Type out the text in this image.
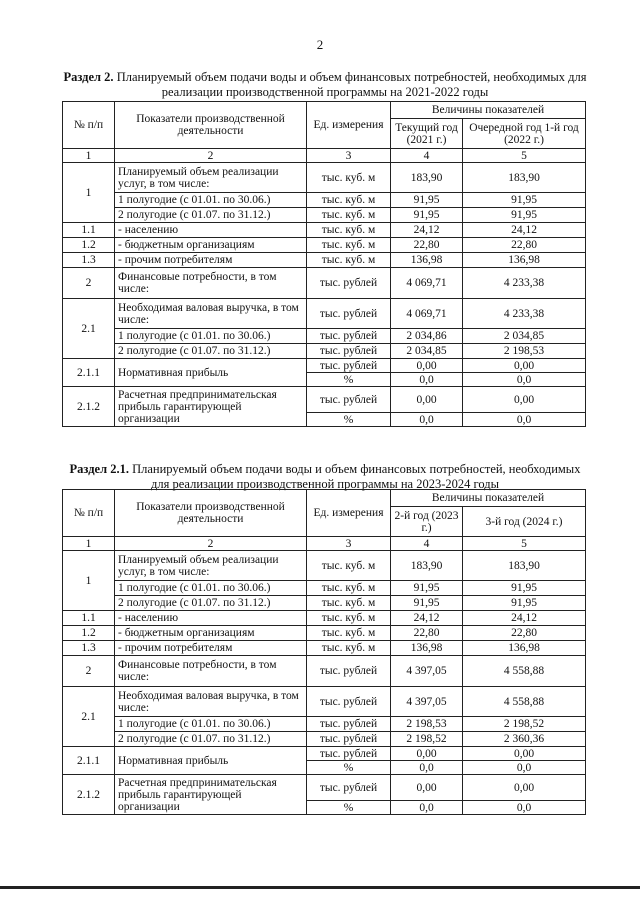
2
Раздел 2. Планируемый объем подачи воды и объем финансовых потребностей, необходимых для реализации производственной программы на 2021-2022 годы
№ п/п	Показатели производственной деятельности	Ед. измерения	Величины показателей	
			Текущий год (2021 г.)	Очередной год 1-й год (2022 г.)
1	2	3	4	5
1	Планируемый объем реализации услуг, в том числе:	тыс. куб. м	183,90	183,90
	1 полугодие (с 01.01. по 30.06.)	тыс. куб. м	91,95	91,95
	2 полугодие (с 01.07. по 31.12.)	тыс. куб. м	91,95	91,95
1.1	- населению	тыс. куб. м	24,12	24,12
1.2	- бюджетным организациям	тыс. куб. м	22,80	22,80
1.3	- прочим потребителям	тыс. куб. м	136,98	136,98
2	Финансовые потребности, в том числе:	тыс. рублей	4 069,71	4 233,38
2.1	Необходимая валовая выручка, в том числе:	тыс. рублей	4 069,71	4 233,38
	1 полугодие (с 01.01. по 30.06.)	тыс. рублей	2 034,86	2 034,85
	2 полугодие (с 01.07. по 31.12.)	тыс. рублей	2 034,85	2 198,53
2.1.1	Нормативная прибыль	тыс. рублей	0,00	0,00
		%	0,0	0,0
2.1.2	Расчетная предпринимательская прибыль гарантирующей организации	тыс. рублей	0,00	0,00
		%	0,0	0,0
Раздел 2.1. Планируемый объем подачи воды и объем финансовых потребностей, необходимых для реализации производственной программы на 2023-2024 годы
№ п/п	Показатели производственной деятельности	Ед. измерения	Величины показателей	
			2-й год (2023 г.)	3-й год (2024 г.)
1	2	3	4	5
1	Планируемый объем реализации услуг, в том числе:	тыс. куб. м	183,90	183,90
	1 полугодие (с 01.01. по 30.06.)	тыс. куб. м	91,95	91,95
	2 полугодие (с 01.07. по 31.12.)	тыс. куб. м	91,95	91,95
1.1	- населению	тыс. куб. м	24,12	24,12
1.2	- бюджетным организациям	тыс. куб. м	22,80	22,80
1.3	- прочим потребителям	тыс. куб. м	136,98	136,98
2	Финансовые потребности, в том числе:	тыс. рублей	4 397,05	4 558,88
2.1	Необходимая валовая выручка, в том числе:	тыс. рублей	4 397,05	4 558,88
	1 полугодие (с 01.01. по 30.06.)	тыс. рублей	2 198,53	2 198,52
	2 полугодие (с 01.07. по 31.12.)	тыс. рублей	2 198,52	2 360,36
2.1.1	Нормативная прибыль	тыс. рублей	0,00	0,00
		%	0,0	0,0
2.1.2	Расчетная предпринимательская прибыль гарантирующей организации	тыс. рублей	0,00	0,00
		%	0,0	0,0
